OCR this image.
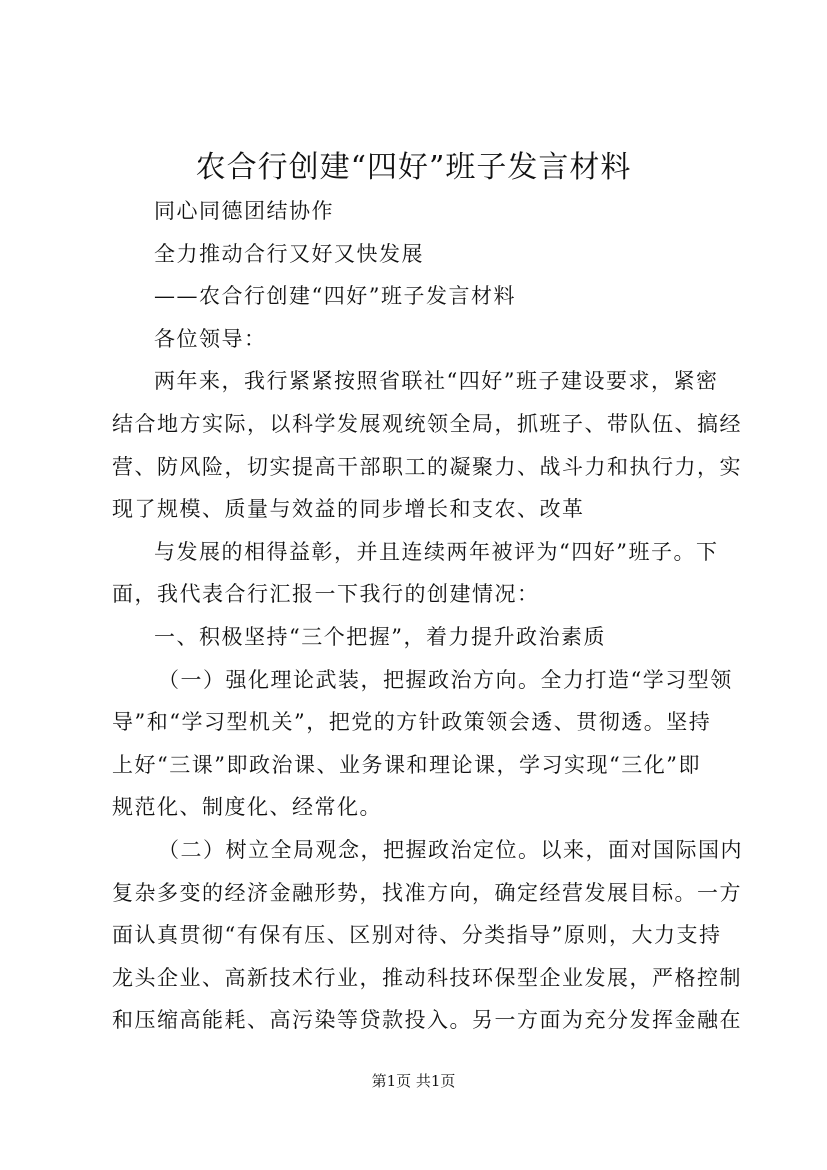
农合行创建“四好”班子发言材料
同心同德团结协作
全力推动合行又好又快发展
——农合行创建“四好”班子发言材料
各位领导：
两年来，我行紧紧按照省联社“四好”班子建设要求，紧密
结合地方实际，以科学发展观统领全局，抓班子、带队伍、搞经
营、防风险，切实提高干部职工的凝聚力、战斗力和执行力，实
现了规模、质量与效益的同步增长和支农、改革
与发展的相得益彰，并且连续两年被评为“四好”班子。下
面，我代表合行汇报一下我行的创建情况：
一、积极坚持“三个把握”，着力提升政治素质
（一）强化理论武装，把握政治方向。全力打造“学习型领
导”和“学习型机关”，把党的方针政策领会透、贯彻透。坚持
上好“三课”即政治课、业务课和理论课，学习实现“三化”即
规范化、制度化、经常化。
（二）树立全局观念，把握政治定位。以来，面对国际国内
复杂多变的经济金融形势，找准方向，确定经营发展目标。一方
面认真贯彻“有保有压、区别对待、分类指导”原则，大力支持
龙头企业、高新技术行业，推动科技环保型企业发展，严格控制
和压缩高能耗、高污染等贷款投入。另一方面为充分发挥金融在
第1页 共1页
